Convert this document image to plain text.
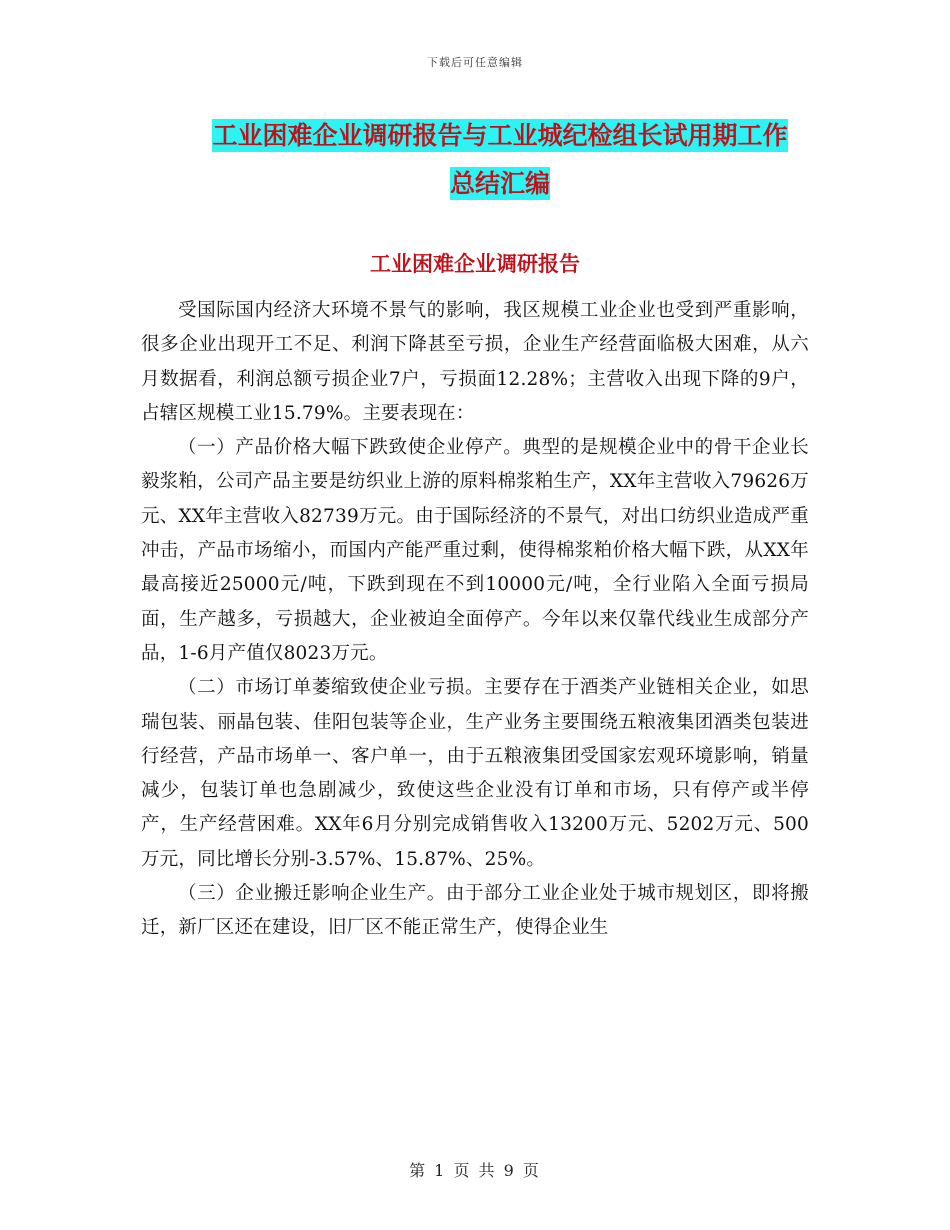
下载后可任意编辑
工业困难企业调研报告与工业城纪检组长试用期工作
总结汇编
工业困难企业调研报告

受国际国内经济大环境不景气的影响，我区规模工业企业也受到严重影响，很多企业出现开工不足、利润下降甚至亏损，企业生产经营面临极大困难，从六月数据看，利润总额亏损企业7户，亏损面12.28%；主营收入出现下降的9户，占辖区规模工业15.79%。主要表现在：

（一）产品价格大幅下跌致使企业停产。典型的是规模企业中的骨干企业长毅浆粕，公司产品主要是纺织业上游的原料棉浆粕生产，XX年主营收入79626万元、XX年主营收入82739万元。由于国际经济的不景气，对出口纺织业造成严重冲击，产品市场缩小，而国内产能严重过剩，使得棉浆粕价格大幅下跌，从XX年最高接近25000元/吨，下跌到现在不到10000元/吨，全行业陷入全面亏损局面，生产越多，亏损越大，企业被迫全面停产。今年以来仅靠代线业生成部分产品，1-6月产值仅8023万元。

（二）市场订单萎缩致使企业亏损。主要存在于酒类产业链相关企业，如思瑞包装、丽晶包装、佳阳包装等企业，生产业务主要围绕五粮液集团酒类包装进行经营，产品市场单一、客户单一，由于五粮液集团受国家宏观环境影响，销量减少，包装订单也急剧减少，致使这些企业没有订单和市场，只有停产或半停产，生产经营困难。XX年6月分别完成销售收入13200万元、5202万元、500万元，同比增长分别-3.57%、15.87%、25%。

（三）企业搬迁影响企业生产。由于部分工业企业处于城市规划区，即将搬迁，新厂区还在建设，旧厂区不能正常生产，使得企业生

第 1 页 共 9 页
